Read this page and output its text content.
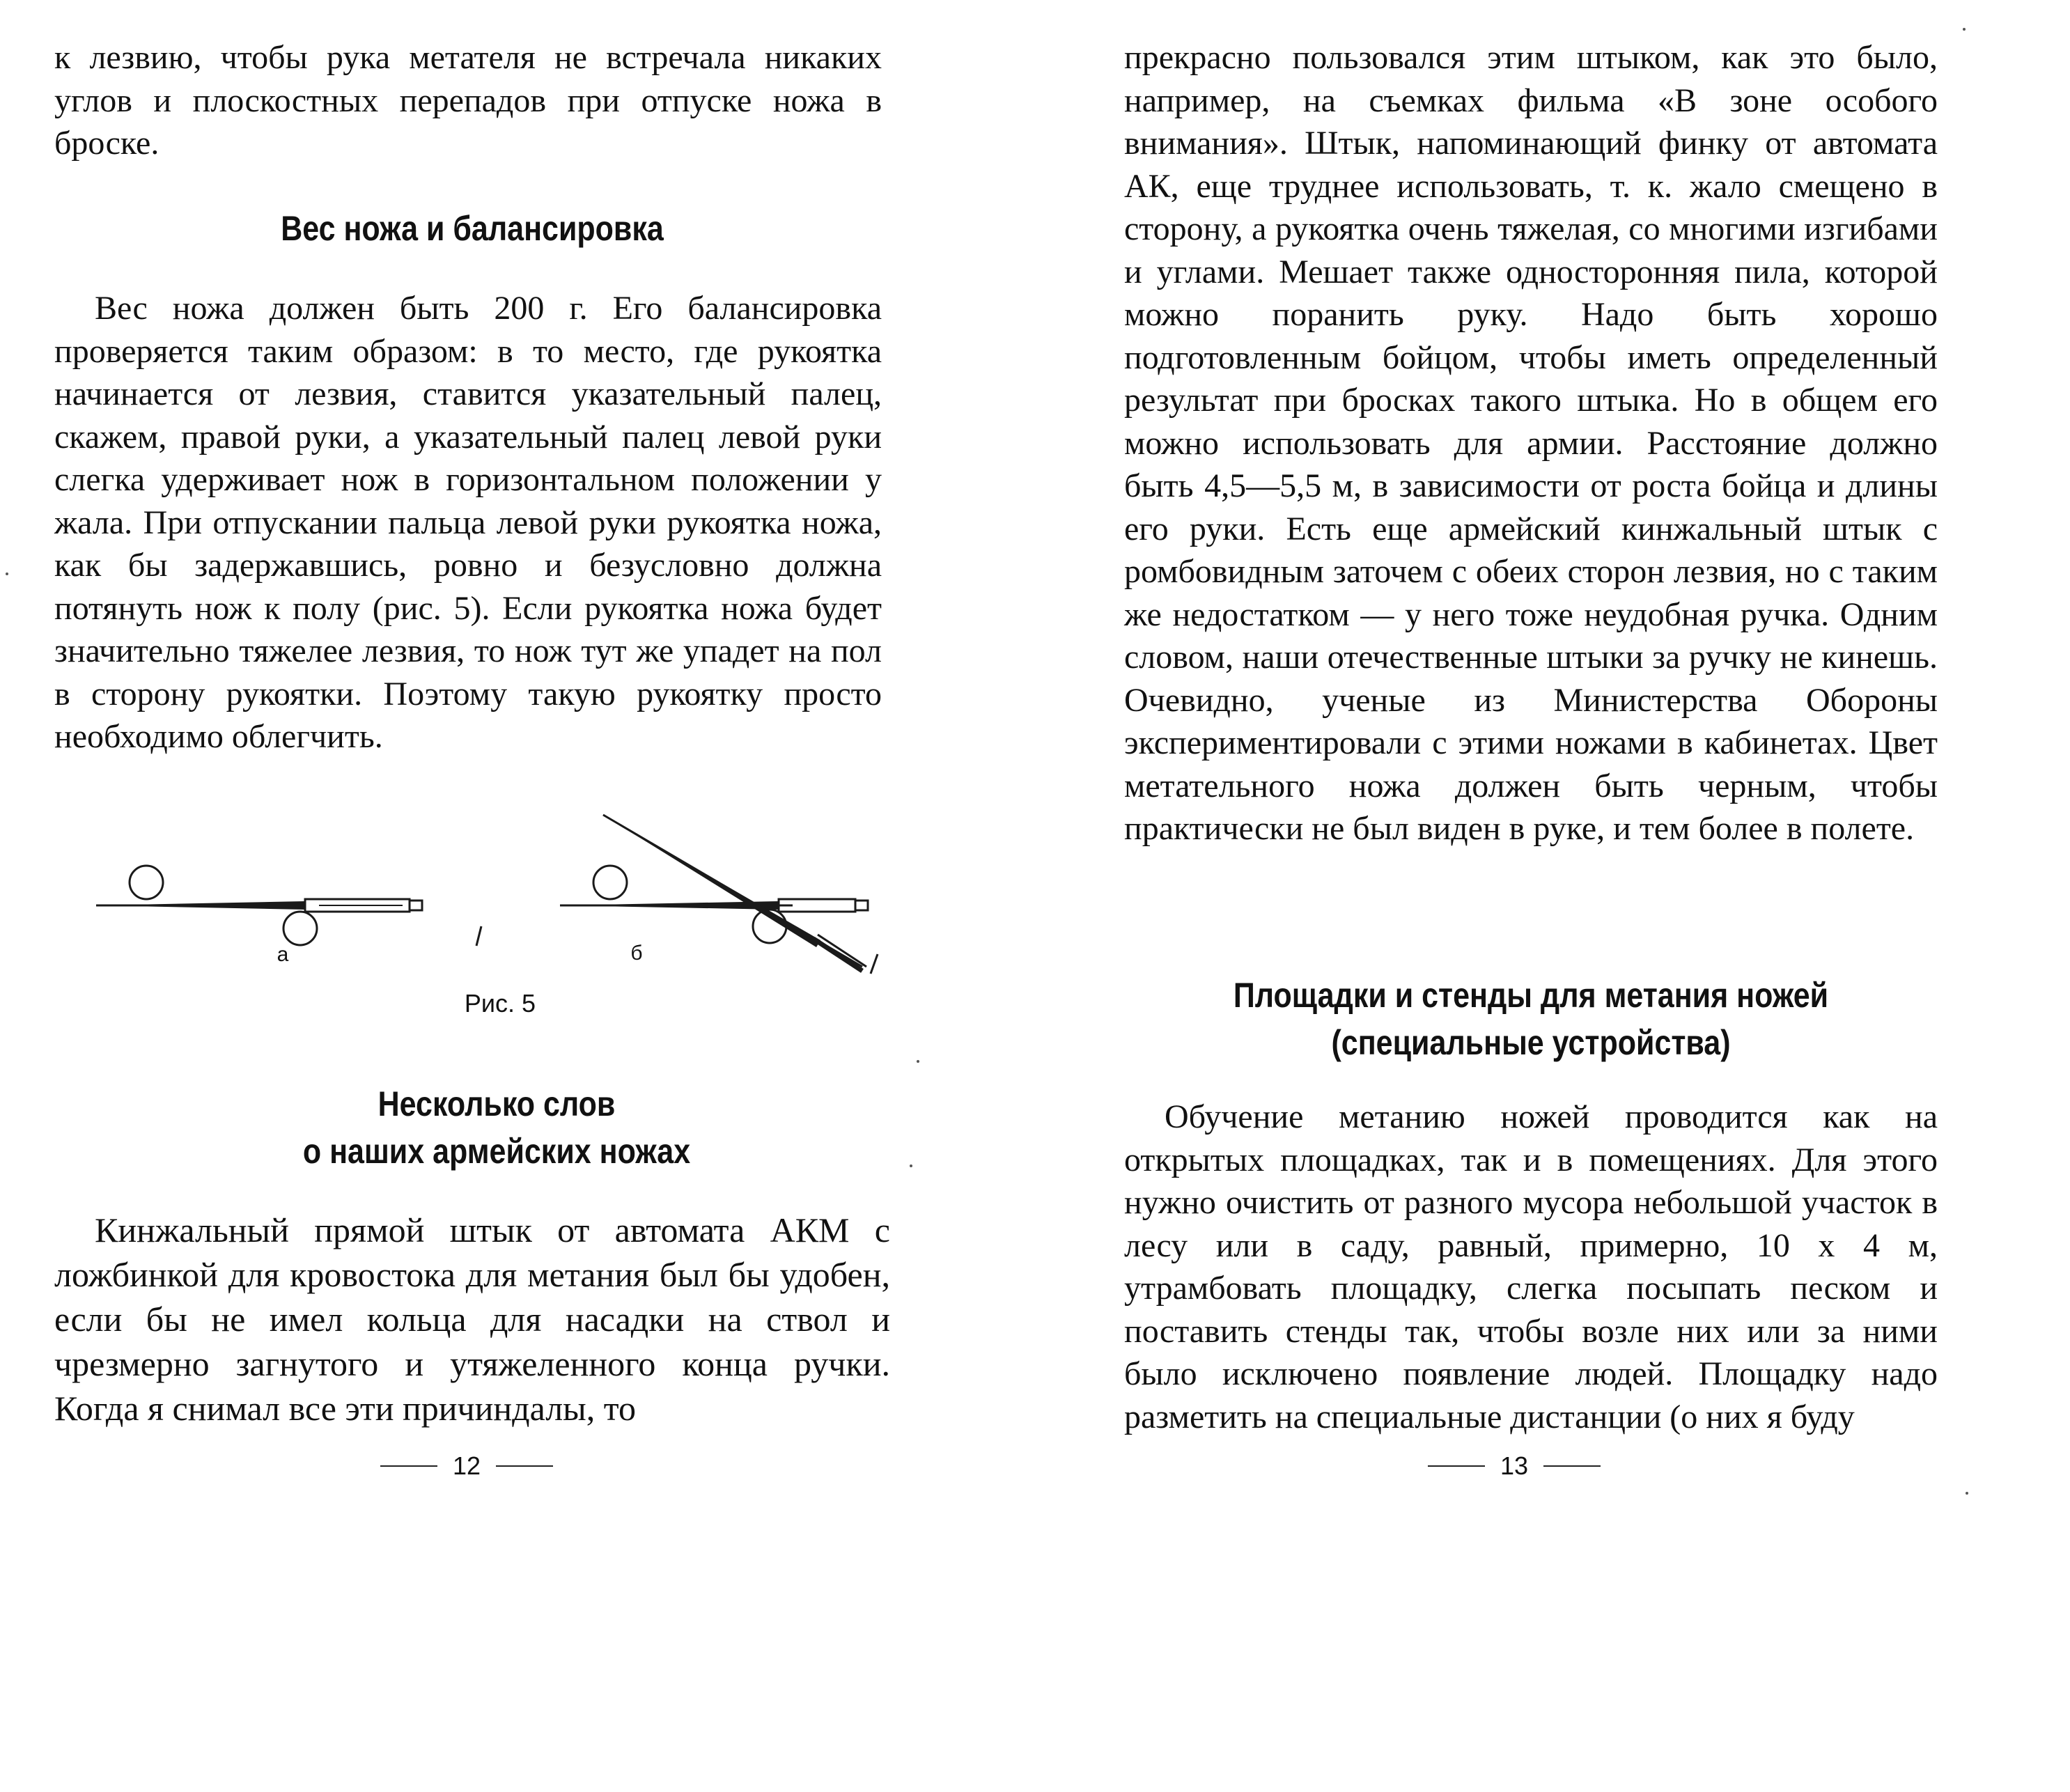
к лезвию, чтобы рука метателя не встречала никаких углов и плоскостных перепадов при отпуске ножа в броске.

Вес ножа и балансировка

Вес ножа должен быть 200 г. Его балансировка проверяется таким образом: в то место, где рукоятка начинается от лезвия, ставится указательный палец, скажем, правой руки, а указательный палец левой руки слегка удерживает нож в горизонтальном положении у жала. При отпускании пальца левой руки рукоятка ножа, как бы задержавшись, ровно и безусловно должна потянуть нож к полу (рис. 5). Если рукоятка ножа будет значительно тяжелее лезвия, то нож тут же упадет на пол в сторону рукоятки. Поэтому такую рукоятку просто необходимо облегчить.

а	б
Рис. 5
Несколько слов
о наших армейских ножах

Кинжальный прямой штык от автомата АКМ с ложбинкой для кровостока для метания был бы удобен, если бы не имел кольца для насадки на ствол и чрезмерно загнутого и утяжеленного конца ручки. Когда я снимал все эти причиндалы, то

12

прекрасно пользовался этим штыком, как это было, например, на съемках фильма «В зоне особого внимания». Штык, напоминающий финку от автомата АК, еще труднее использовать, т. к. жало смещено в сторону, а рукоятка очень тяжелая, со многими изгибами и углами. Мешает также односторонняя пила, которой можно поранить руку. Надо быть хорошо подготовленным бойцом, чтобы иметь определенный результат при бросках такого штыка. Но в общем его можно использовать для армии. Расстояние должно быть 4,5—5,5 м, в зависимости от роста бойца и длины его руки. Есть еще армейский кинжальный штык с ромбовидным заточем с обеих сторон лезвия, но с таким же недостатком — у него тоже неудобная ручка. Одним словом, наши отечественные штыки за ручку не кинешь. Очевидно, ученые из Министерства Обороны экспериментировали с этими ножами в кабинетах. Цвет метательного ножа должен быть черным, чтобы практически не был виден в руке, и тем более в полете.

Площадки и стенды для метания ножей
(специальные устройства)

Обучение метанию ножей проводится как на открытых площадках, так и в помещениях. Для этого нужно очистить от разного мусора небольшой участок в лесу или в саду, равный, примерно, 10 х 4 м, утрамбовать площадку, слегка посыпать песком и поставить стенды так, чтобы возле них или за ними было исключено появление людей. Площадку надо разметить на специальные дистанции (о них я буду

13
